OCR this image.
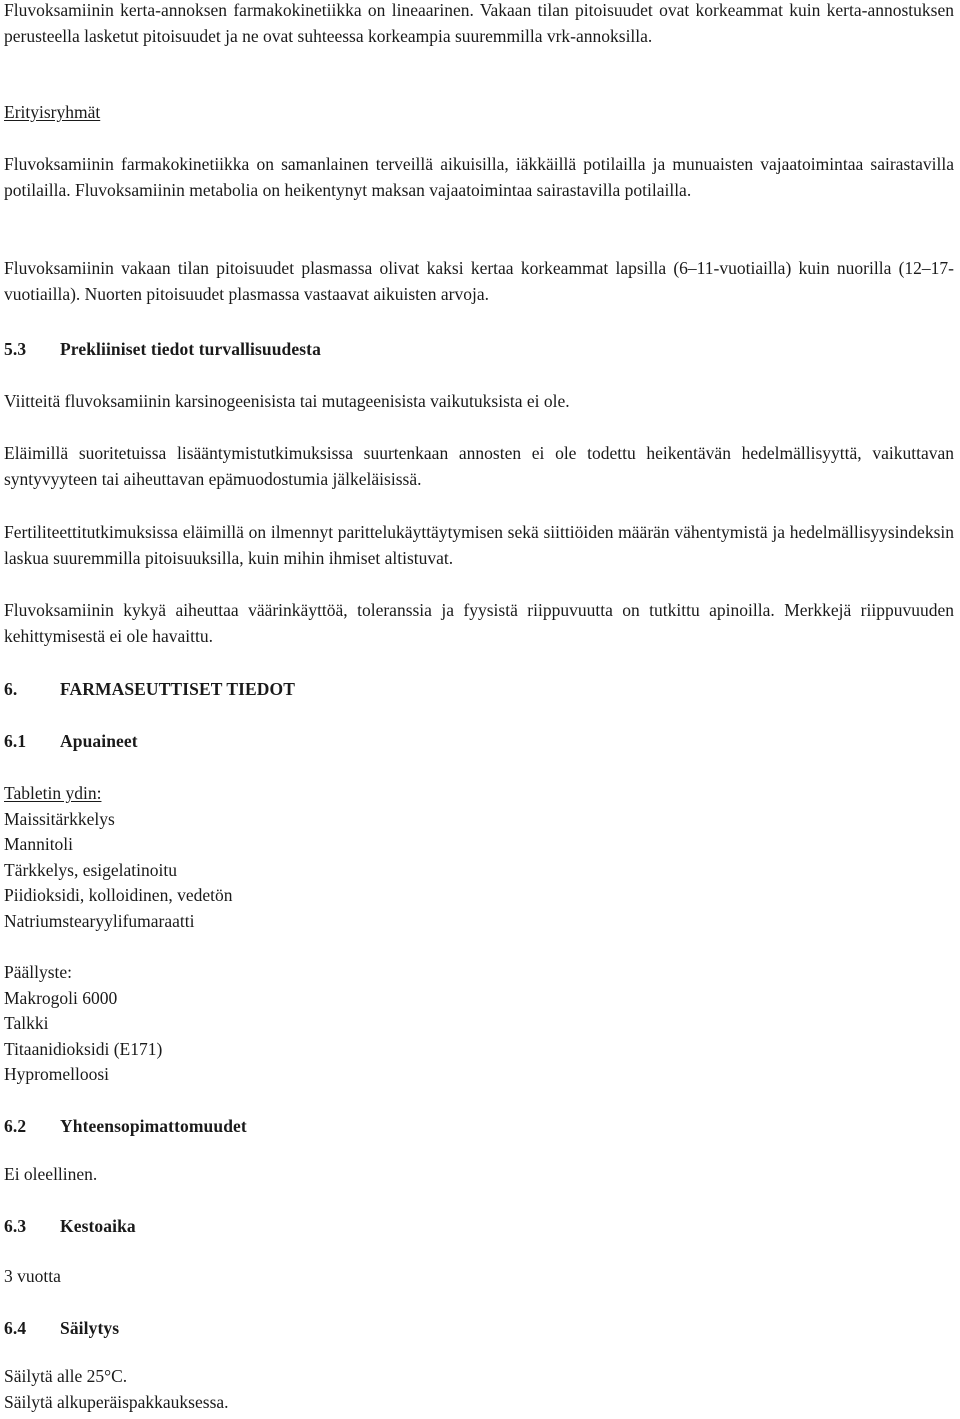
Fluvoksamiinin kerta-annoksen farmakokinetiikka on lineaarinen. Vakaan tilan pitoisuudet ovat korkeammat kuin kerta-annostuksen perusteella lasketut pitoisuudet ja ne ovat suhteessa korkeampia suuremmilla vrk-annoksilla.

Erityisryhmät

Fluvoksamiinin farmakokinetiikka on samanlainen terveillä aikuisilla, iäkkäillä potilailla ja munuaisten vajaatoimintaa sairastavilla potilailla. Fluvoksamiinin metabolia on heikentynyt maksan vajaatoimintaa sairastavilla potilailla.

Fluvoksamiinin vakaan tilan pitoisuudet plasmassa olivat kaksi kertaa korkeammat lapsilla (6–11-vuotiailla) kuin nuorilla (12–17-vuotiailla). Nuorten pitoisuudet plasmassa vastaavat aikuisten arvoja.

5.3 Prekliiniset tiedot turvallisuudesta

Viitteitä fluvoksamiinin karsinogeenisista tai mutageenisista vaikutuksista ei ole.

Eläimillä suoritetuissa lisääntymistutkimuksissa suurtenkaan annosten ei ole todettu heikentävän hedelmällisyyttä, vaikuttavan syntyvyyteen tai aiheuttavan epämuodostumia jälkeläisissä.

Fertiliteettitutkimuksissa eläimillä on ilmennyt parittelukäyttäytymisen sekä siittiöiden määrän vähentymistä ja hedelmällisyysindeksin laskua suuremmilla pitoisuuksilla, kuin mihin ihmiset altistuvat.

Fluvoksamiinin kykyä aiheuttaa väärinkäyttöä, toleranssia ja fyysistä riippuvuutta on tutkittu apinoilla. Merkkejä riippuvuuden kehittymisestä ei ole havaittu.

6. FARMASEUTTISET TIEDOT
6.1 Apuaineet
Tabletin ydin:
Maissitärkkelys
Mannitoli
Tärkkelys, esigelatinoitu
Piidioksidi, kolloidinen, vedetön
Natriumstearyylifumaraatti
Päällyste:
Makrogoli 6000
Talkki
Titaanidioksidi (E171)
Hypromelloosi
6.2 Yhteensopimattomuudet
Ei oleellinen.
6.3 Kestoaika
3 vuotta
6.4 Säilytys
Säilytä alle 25°C.
Säilytä alkuperäispakkauksessa.
